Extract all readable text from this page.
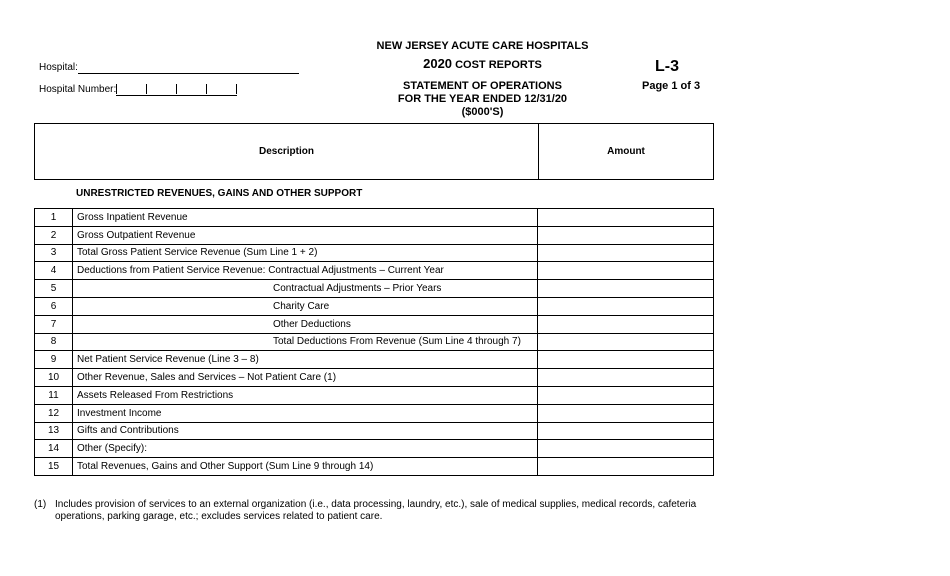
Hospital:
Hospital Number:
NEW JERSEY ACUTE CARE HOSPITALS
2020 COST REPORTS
STATEMENT OF OPERATIONS
FOR THE YEAR ENDED 12/31/20
($000'S)
L-3
Page 1 of 3
Description	Amount
UNRESTRICTED REVENUES, GAINS AND OTHER SUPPORT
1	Gross Inpatient Revenue	
2	Gross Outpatient Revenue	
3	Total Gross Patient Service Revenue (Sum Line 1 + 2)	
4	Deductions from Patient Service Revenue: Contractual Adjustments – Current Year	
5	Contractual Adjustments – Prior Years	
6	Charity Care	
7	Other Deductions	
8	Total Deductions From Revenue (Sum Line 4 through 7)	
9	Net Patient Service Revenue (Line 3 – 8)	
10	Other Revenue, Sales and Services – Not Patient Care (1)	
11	Assets Released From Restrictions	
12	Investment Income	
13	Gifts and Contributions	
14	Other (Specify):	
15	Total Revenues, Gains and Other Support (Sum Line 9 through 14)	
(1) Includes provision of services to an external organization (i.e., data processing, laundry, etc.), sale of medical supplies, medical records, cafeteria operations, parking garage, etc.; excludes services related to patient care.
